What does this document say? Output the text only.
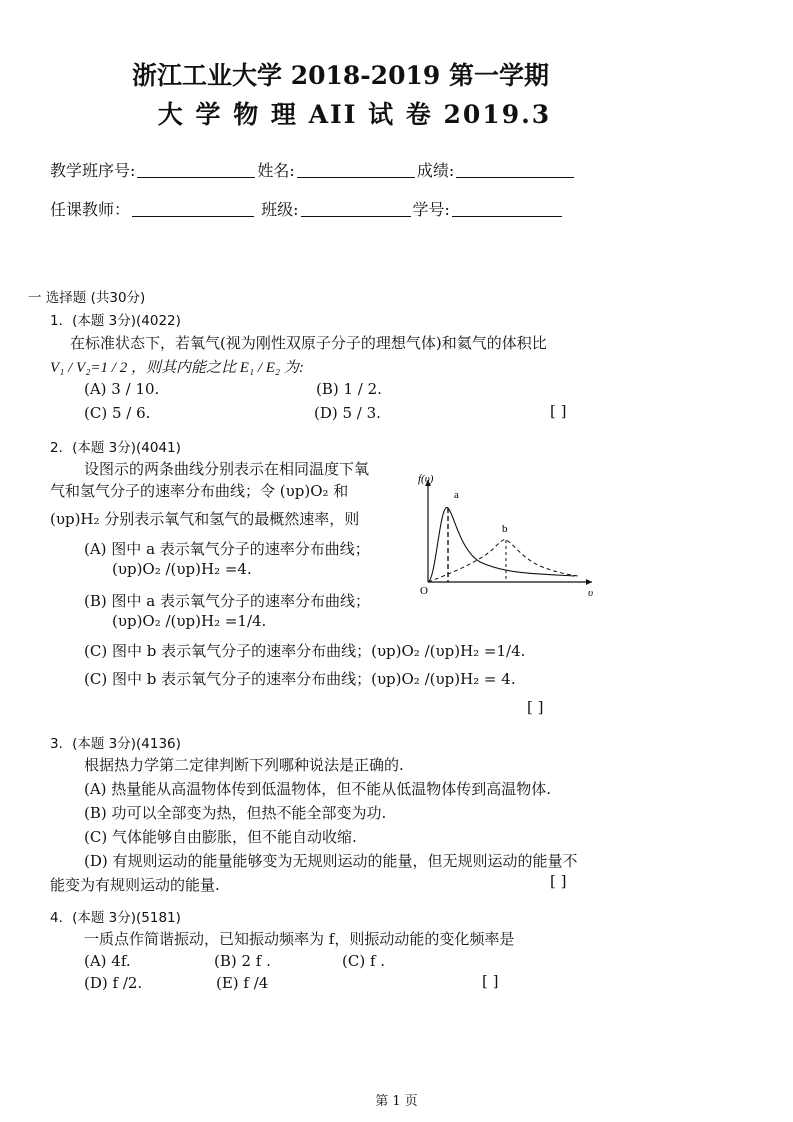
浙江工业大学 2018-2019 第一学期
大 学 物 理 AII 试 卷 2019.3
教学班序号:	姓名:	成绩:
任课教师：	班级:	学号:
一 选择题 (共30分)
1．(本题 3分)(4022)
在标准状态下，若氧气(视为刚性双原子分子的理想气体)和氦气的体积比
V₁ / V₂=1 / 2 ，则其内能之比 E₁ / E₂ 为:
(A) 3 / 10.	(B) 1 / 2.
(C) 5 / 6.	(D) 5 / 3.	[ ]
2．(本题 3分)(4041)
设图示的两条曲线分别表示在相同温度下氧
气和氢气分子的速率分布曲线；令 (υp)O₂ 和
(υp)H₂ 分别表示氧气和氢气的最概然速率，则
(A) 图中 a 表示氧气分子的速率分布曲线；
(υp)O₂ /(υp)H₂ =4.
(B) 图中 a 表示氧气分子的速率分布曲线；
(υp)O₂ /(υp)H₂ =1/4.
(C) 图中 b 表示氧气分子的速率分布曲线；(υp)O₂ /(υp)H₂ =1/4.
(C) 图中 b 表示氧气分子的速率分布曲线；(υp)O₂ /(υp)H₂ = 4.
[ ]
f(υ)
υ
O
a
b
3．(本题 3分)(4136)
根据热力学第二定律判断下列哪种说法是正确的.
(A) 热量能从高温物体传到低温物体，但不能从低温物体传到高温物体.
(B) 功可以全部变为热，但热不能全部变为功.
(C) 气体能够自由膨胀，但不能自动收缩.
(D) 有规则运动的能量能够变为无规则运动的能量，但无规则运动的能量不
能变为有规则运动的能量.	[ ]
4．(本题 3分)(5181)
一质点作简谐振动，已知振动频率为 f，则振动动能的变化频率是
(A) 4f.	(B) 2 f .	(C) f .
(D) f /2.	(E) f /4	[ ]
第 1 页
